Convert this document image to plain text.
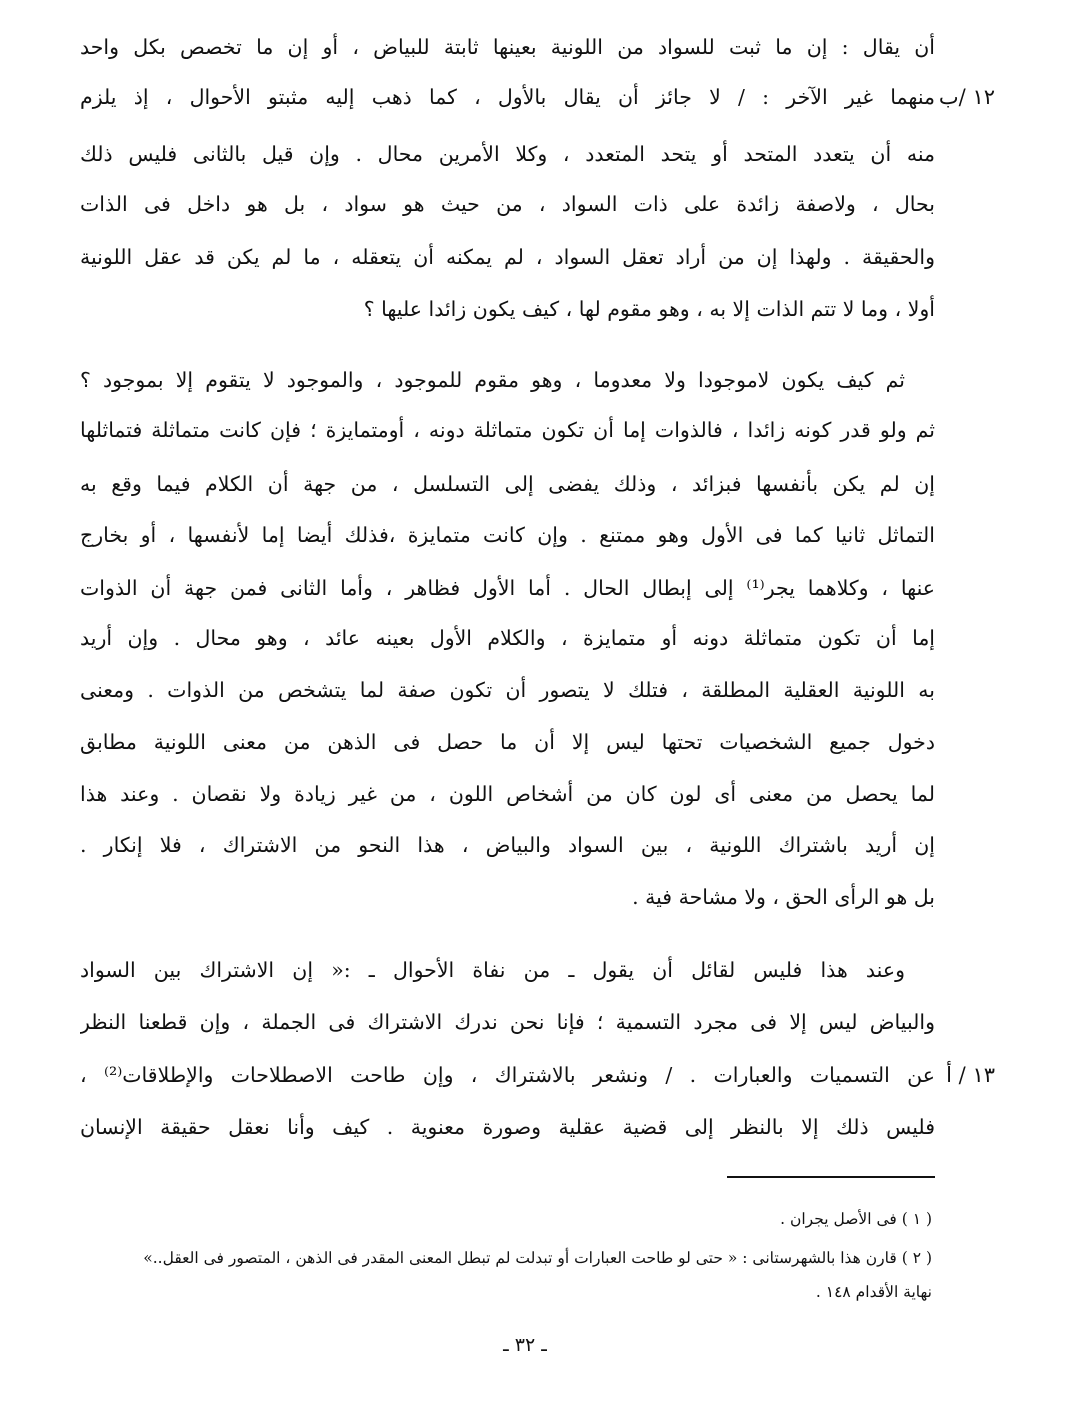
أن يقال : إن ما ثبت للسواد من اللونية بعينها ثابتة للبياض ، أو إن ما تخصص بكل واحد
منهما غير الآخر : / لا جائز أن يقال بالأول ، كما ذهب إليه مثبتو الأحوال ، إذ يلزم
منه أن يتعدد المتحد أو يتحد المتعدد ، وكلا الأمرين محال . وإن قيل بالثانى فليس ذلك
بحال ، ولاصفة زائدة على ذات السواد ، من حيث هو سواد ، بل هو داخل فى الذات
والحقيقة . ولهذا إن من أراد تعقل السواد ، لم يمكنه أن يتعقله ، ما لم يكن قد عقل اللونية
أولا ، وما لا تتم الذات إلا به ، وهو مقوم لها ، كيف يكون زائدا عليها ؟
١٢ /ب
ثم كيف يكون لاموجودا ولا معدوما ، وهو مقوم للموجود ، والموجود لا يتقوم إلا بموجود ؟
ثم ولو قدر كونه زائدا ، فالذوات إما أن تكون متماثلة دونه ، أومتمايزة ؛ فإن كانت متماثلة فتماثلها
إن لم يكن بأنفسها فبزائد ، وذلك يفضى إلى التسلسل ، من جهة أن الكلام فيما وقع به
التماثل ثانيا كما فى الأول وهو ممتنع . وإن كانت متمايزة ،فذلك أيضا إما لأنفسها ، أو بخارج
عنها ، وكلاهما يجر⁽¹⁾ إلى إبطال الحال . أما الأول فظاهر ، وأما الثانى فمن جهة أن الذوات
إما أن تكون متماثلة دونه أو متمايزة ، والكلام الأول بعينه عائد ، وهو محال . وإن أريد
به اللونية العقلية المطلقة ، فتلك لا يتصور أن تكون صفة لما يتشخص من الذوات . ومعنى
دخول جميع الشخصيات تحتها ليس إلا أن ما حصل فى الذهن من معنى اللونية مطابق
لما يحصل من معنى أى لون كان من أشخاص اللون ، من غير زيادة ولا نقصان . وعند هذا
إن أريد باشتراك اللونية ، بين السواد والبياض ، هذا النحو من الاشتراك ، فلا إنكار .
بل هو الرأى الحق ، ولا مشاحة فية .
وعند هذا فليس لقائل أن يقول ـ من نفاة الأحوال ـ :« إن الاشتراك بين السواد
والبياض ليس إلا فى مجرد التسمية ؛ فإنا نحن ندرك الاشتراك فى الجملة ، وإن قطعنا النظر
عن التسميات والعبارات . / ونشعر بالاشتراك ، وإن طاحت الاصطلاحات والإطلاقات⁽²⁾ ،
فليس ذلك إلا بالنظر إلى قضية عقلية وصورة معنوية . كيف وأنا نعقل حقيقة الإنسان
١٣ / أ
( ١ ) فى الأصل يجران .
( ٢ ) قارن هذا بالشهرستانى : « حتى لو طاحت العبارات أو تبدلت لم تبطل المعنى المقدر فى الذهن ، المتصور فى العقل..»
نهاية الأقدام ١٤٨ .
ـ ٣٢ ـ
